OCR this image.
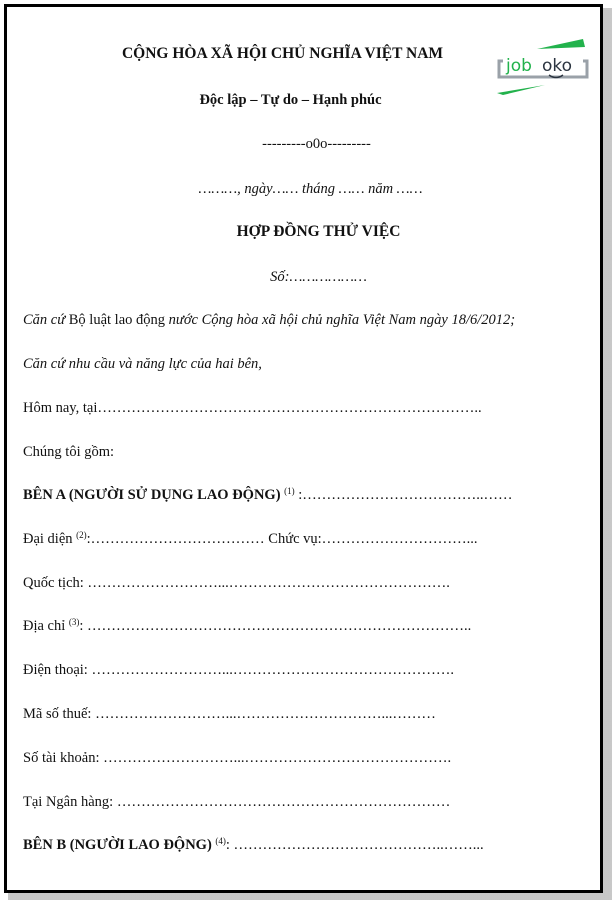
CỘNG HÒA XÃ HỘI CHỦ NGHĨA VIỆT NAM
Độc lập – Tự do – Hạnh phúc
job oko
---------o0o---------
………, ngày…… tháng …… năm ……
HỢP ĐỒNG THỬ VIỆC
Số:………………
Căn cứ Bộ luật lao động nước Cộng hòa xã hội chủ nghĩa Việt Nam ngày 18/6/2012;
Căn cứ nhu cầu và năng lực của hai bên,
Hôm nay, tại……………………………………………………………………..
Chúng tôi gồm:
BÊN A (NGƯỜI SỬ DỤNG LAO ĐỘNG) $^{(1)}$ :………………………………..……
Đại diện $^{(2)}$:……………………………… Chức vụ:…………………………...
Quốc tịch: ………………………...……………………………………….
Địa chỉ $^{(3)}$: ……………………………………………………………………..
Điện thoại: ………………………...……………………………………….
Mã số thuế: ………………………...…………………………...………
Số tài khoản: ………………………...…………………………………….
Tại Ngân hàng: ……………………………………………………………
BÊN B (NGƯỜI LAO ĐỘNG) $^{(4)}$: ……………………………………..……...
